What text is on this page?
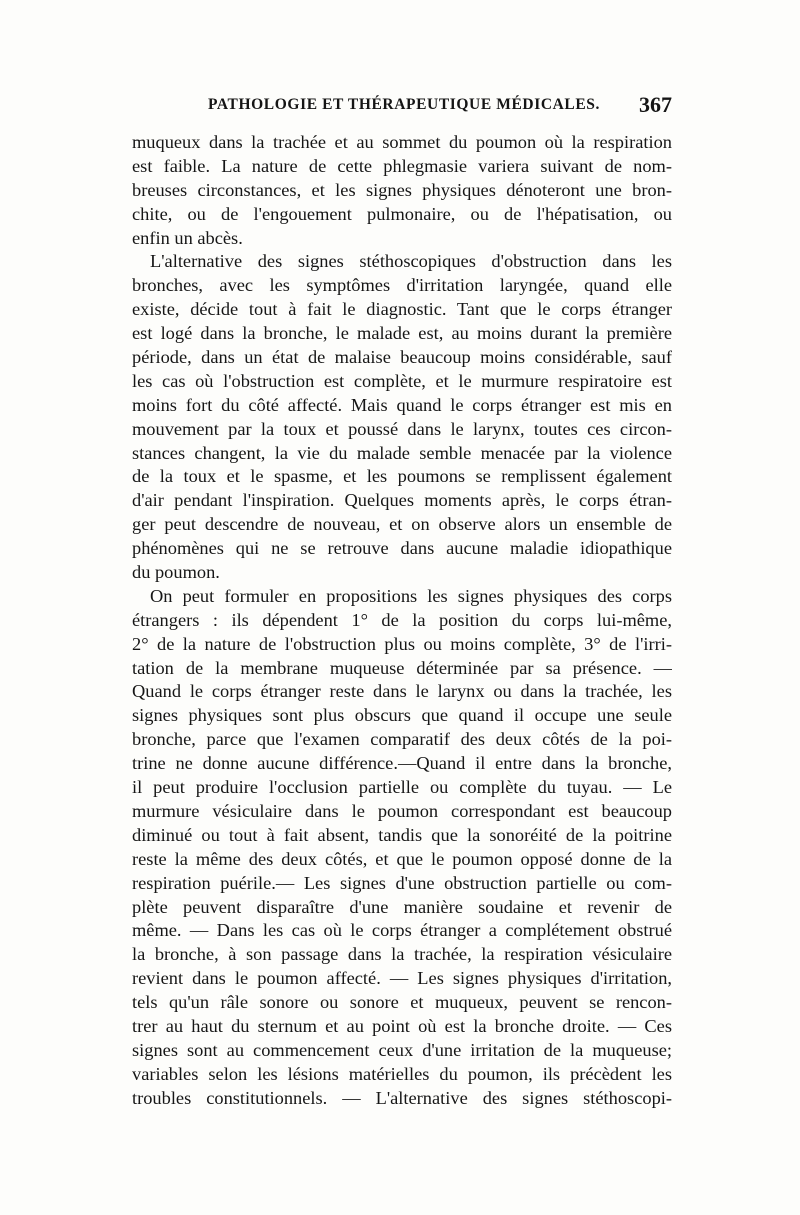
PATHOLOGIE ET THÉRAPEUTIQUE MÉDICALES. 367
muqueux dans la trachée et au sommet du poumon où la respiration
est faible. La nature de cette phlegmasie variera suivant de nom-
breuses circonstances, et les signes physiques dénoteront une bron-
chite, ou de l'engouement pulmonaire, ou de l'hépatisation, ou
enfin un abcès.
L'alternative des signes stéthoscopiques d'obstruction dans les
bronches, avec les symptômes d'irritation laryngée, quand elle
existe, décide tout à fait le diagnostic. Tant que le corps étranger
est logé dans la bronche, le malade est, au moins durant la première
période, dans un état de malaise beaucoup moins considérable, sauf
les cas où l'obstruction est complète, et le murmure respiratoire est
moins fort du côté affecté. Mais quand le corps étranger est mis en
mouvement par la toux et poussé dans le larynx, toutes ces circon-
stances changent, la vie du malade semble menacée par la violence
de la toux et le spasme, et les poumons se remplissent également
d'air pendant l'inspiration. Quelques moments après, le corps étran-
ger peut descendre de nouveau, et on observe alors un ensemble de
phénomènes qui ne se retrouve dans aucune maladie idiopathique
du poumon.
On peut formuler en propositions les signes physiques des corps
étrangers : ils dépendent 1° de la position du corps lui-même,
2° de la nature de l'obstruction plus ou moins complète, 3° de l'irri-
tation de la membrane muqueuse déterminée par sa présence. —
Quand le corps étranger reste dans le larynx ou dans la trachée, les
signes physiques sont plus obscurs que quand il occupe une seule
bronche, parce que l'examen comparatif des deux côtés de la poi-
trine ne donne aucune différence.—Quand il entre dans la bronche,
il peut produire l'occlusion partielle ou complète du tuyau. — Le
murmure vésiculaire dans le poumon correspondant est beaucoup
diminué ou tout à fait absent, tandis que la sonoréité de la poitrine
reste la même des deux côtés, et que le poumon opposé donne de la
respiration puérile.— Les signes d'une obstruction partielle ou com-
plète peuvent disparaître d'une manière soudaine et revenir de
même. — Dans les cas où le corps étranger a complétement obstrué
la bronche, à son passage dans la trachée, la respiration vésiculaire
revient dans le poumon affecté. — Les signes physiques d'irritation,
tels qu'un râle sonore ou sonore et muqueux, peuvent se rencon-
trer au haut du sternum et au point où est la bronche droite. — Ces
signes sont au commencement ceux d'une irritation de la muqueuse;
variables selon les lésions matérielles du poumon, ils précèdent les
troubles constitutionnels. — L'alternative des signes stéthoscopi-
